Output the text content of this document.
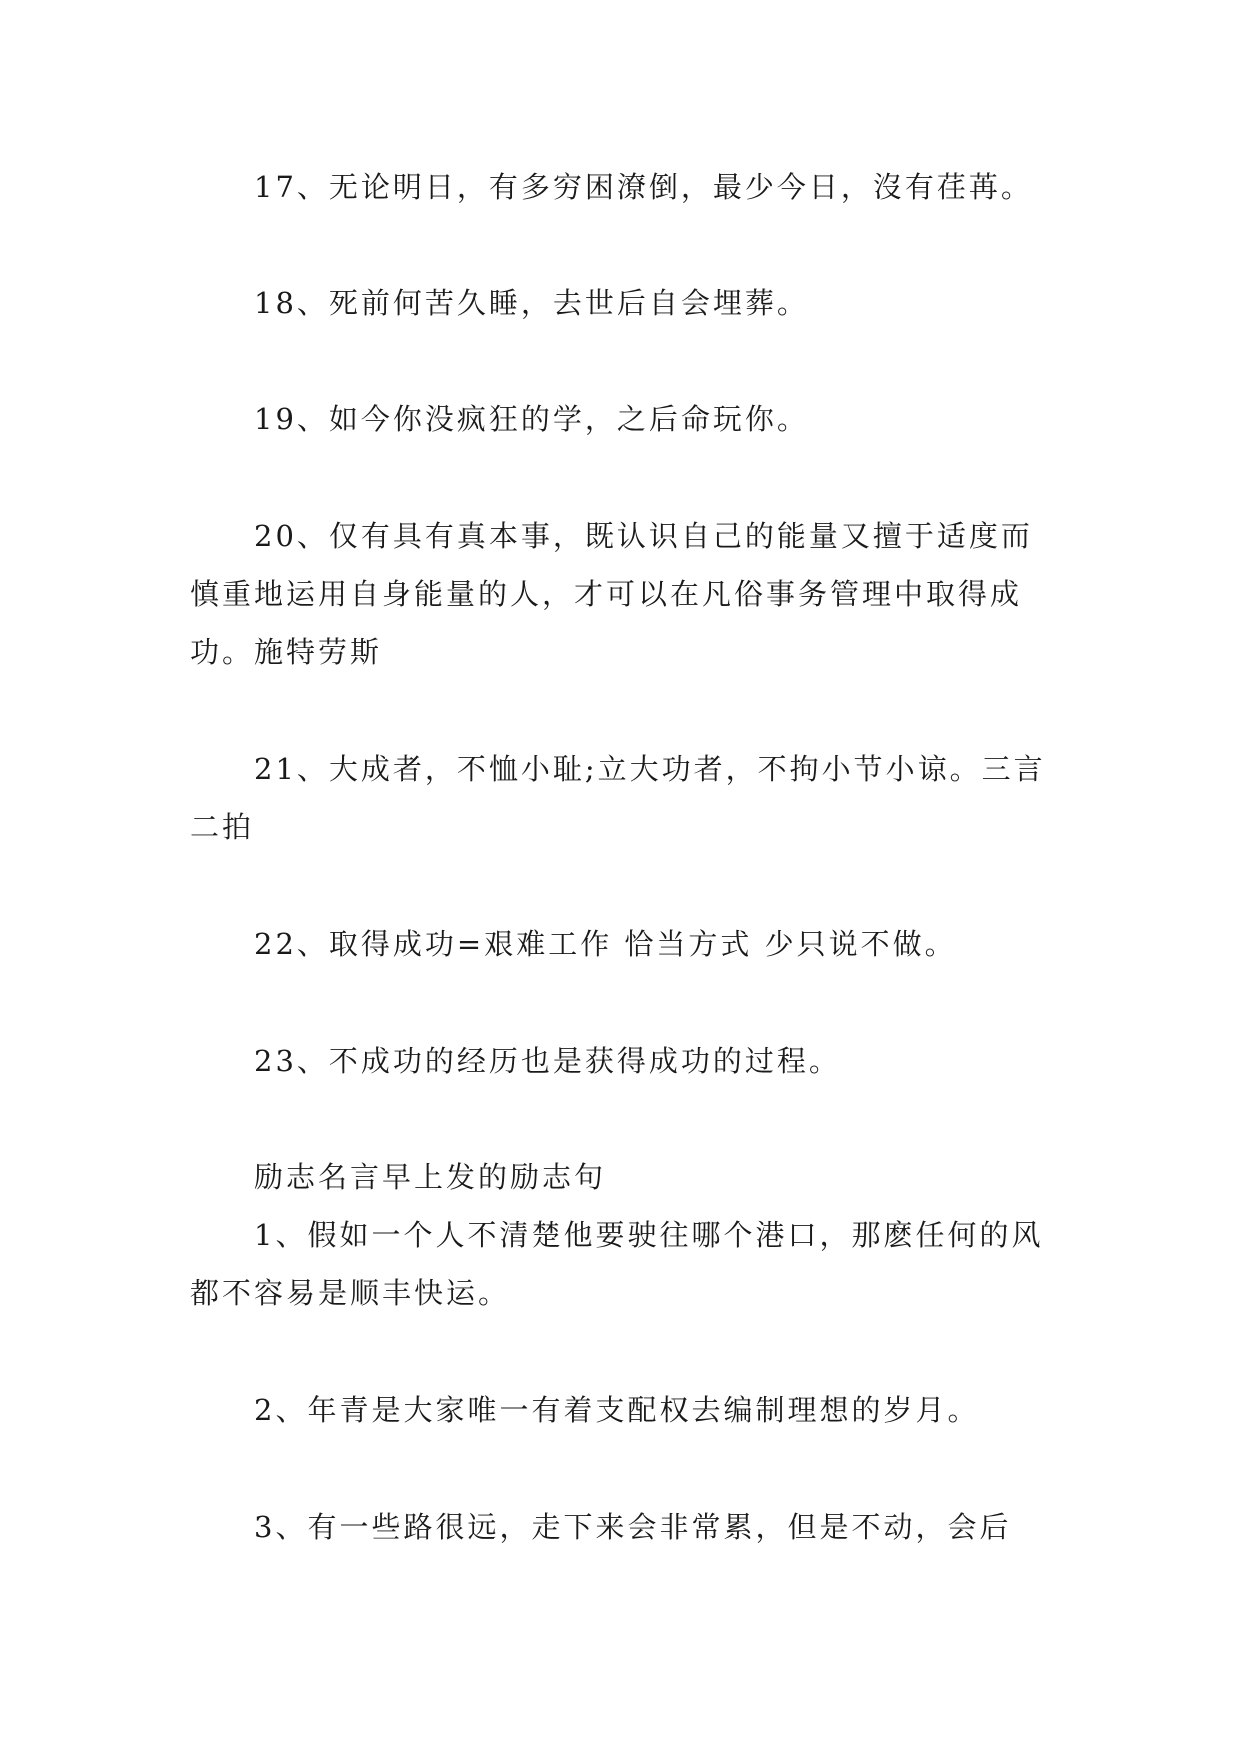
17、无论明日，有多穷困潦倒，最少今日，沒有荏苒。

18、死前何苦久睡，去世后自会埋葬。

19、如今你没疯狂的学，之后命玩你。

20、仅有具有真本事，既认识自己的能量又擅于适度而慎重地运用自身能量的人，才可以在凡俗事务管理中取得成功。施特劳斯

21、大成者，不恤小耻;立大功者，不拘小节小谅。三言二拍

22、取得成功=艰难工作 恰当方式 少只说不做。

23、不成功的经历也是获得成功的过程。

励志名言早上发的励志句

1、假如一个人不清楚他要驶往哪个港口，那麽任何的风都不容易是顺丰快运。

2、年青是大家唯一有着支配权去编制理想的岁月。

3、有一些路很远，走下来会非常累，但是不动，会后
